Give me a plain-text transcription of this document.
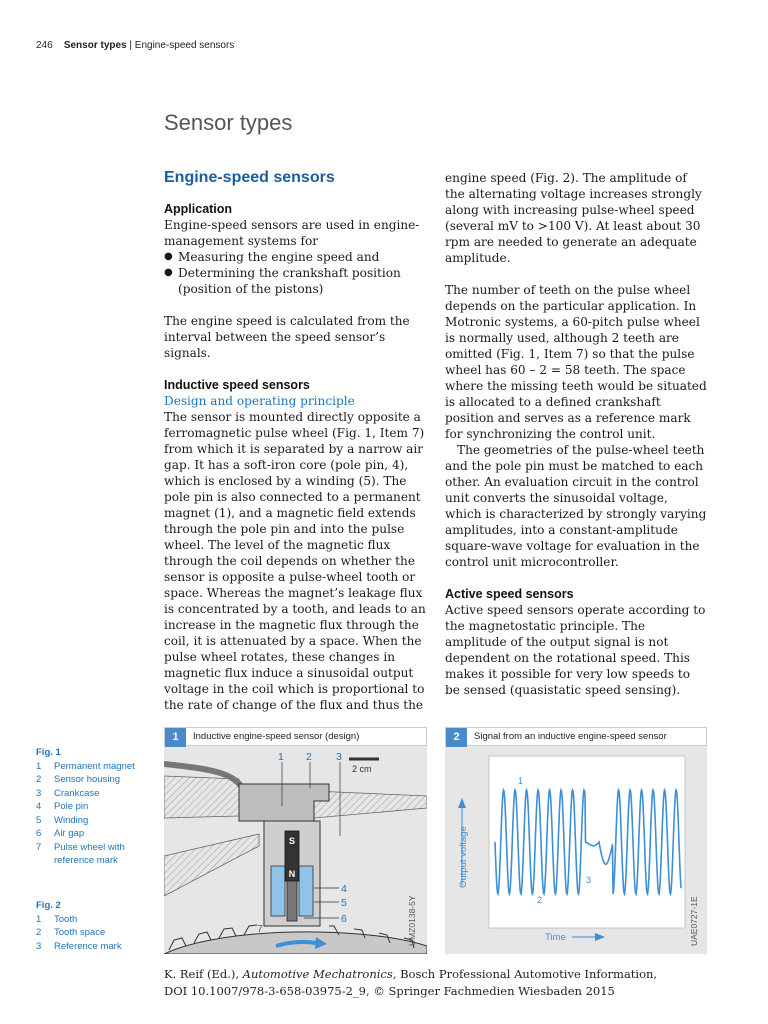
246 Sensor types | Engine-speed sensors
Sensor types
Engine-speed sensors
Application

Engine-speed sensors are used in engine-management systems for

● Measuring the engine speed and
● Determining the crankshaft position (position of the pistons)

The engine speed is calculated from the interval between the speed sensor’s signals.

Inductive speed sensors
Design and operating principle

The sensor is mounted directly opposite a ferromagnetic pulse wheel (Fig. 1, Item 7) from which it is separated by a narrow air gap. It has a soft-iron core (pole pin, 4), which is enclosed by a winding (5). The pole pin is also connected to a permanent magnet (1), and a magnetic field extends through the pole pin and into the pulse wheel. The level of the magnetic flux through the coil depends on whether the sensor is opposite a pulse-wheel tooth or space. Whereas the magnet’s leakage flux is concentrated by a tooth, and leads to an increase in the magnetic flux through the coil, it is attenuated by a space. When the pulse wheel rotates, these changes in magnetic flux induce a sinusoidal output voltage in the coil which is proportional to the rate of change of the flux and thus the

engine speed (Fig. 2). The amplitude of the alternating voltage increases strongly along with increasing pulse-wheel speed (several mV to >100 V). At least about 30 rpm are needed to generate an adequate amplitude.

The number of teeth on the pulse wheel depends on the particular application. In Motronic systems, a 60-pitch pulse wheel is normally used, although 2 teeth are omitted (Fig. 1, Item 7) so that the pulse wheel has 60 – 2 = 58 teeth. The space where the missing teeth would be situated is allocated to a defined crankshaft position and serves as a reference mark for synchronizing the control unit.

The geometries of the pulse-wheel teeth and the pole pin must be matched to each other. An evaluation circuit in the control unit converts the sinusoidal voltage, which is characterized by strongly varying amplitudes, into a constant-amplitude square-wave voltage for evaluation in the control unit microcontroller.

Active speed sensors

Active speed sensors operate according to the magnetostatic principle. The amplitude of the output signal is not dependent on the rotational speed. This makes it possible for very low speeds to be sensed (quasistatic speed sensing).

Fig. 1
1	Permanent magnet
2	Sensor housing
3	Crankcase
4	Pole pin
5	Winding
6	Air gap
7	Pulse wheel with reference mark
Fig. 2
1	Tooth
2	Tooth space
3	Reference mark
1	Inductive engine-speed sensor (design)
S
N
2 cm
1 2 3
4
5
6
7	UMZ0138-5Y
2	Signal from an inductive engine-speed sensor
Output voltage
Time
1
2
3
UAE0727-1E
K. Reif (Ed.), Automotive Mechatronics, Bosch Professional Automotive Information,
DOI 10.1007/978-3-658-03975-2_9, © Springer Fachmedien Wiesbaden 2015
